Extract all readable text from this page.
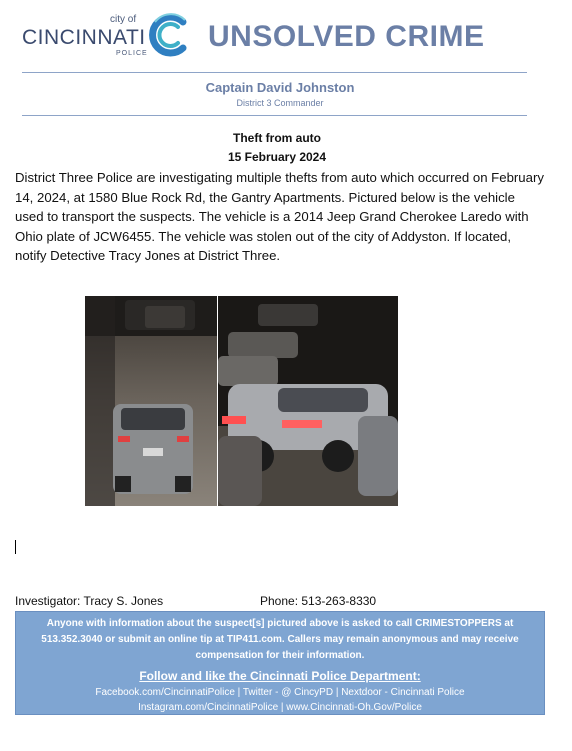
city of
CINCINNATI
POLICE
UNSOLVED CRIME
Captain David Johnston
District 3 Commander
Theft from auto
15 February 2024
District Three Police are investigating multiple thefts from auto which occurred on February 14, 2024, at 1580 Blue Rock Rd, the Gantry Apartments. Pictured below is the vehicle used to transport the suspects. The vehicle is a 2014 Jeep Grand Cherokee Laredo with Ohio plate of JCW6455. The vehicle was stolen out of the city of Addyston. If located, notify Detective Tracy Jones at District Three.
Investigator: Tracy S. Jones	Phone: 513-263-8330
Anyone with information about the suspect[s] pictured above is asked to call CRIMESTOPPERS at 513.352.3040 or submit an online tip at TIP411.com. Callers may remain anonymous and may receive compensation for their information.
Follow and like the Cincinnati Police Department:
Facebook.com/CincinnatiPolice | Twitter - @ CincyPD | Nextdoor - Cincinnati Police
Instagram.com/CincinnatiPolice | www.Cincinnati-Oh.Gov/Police
